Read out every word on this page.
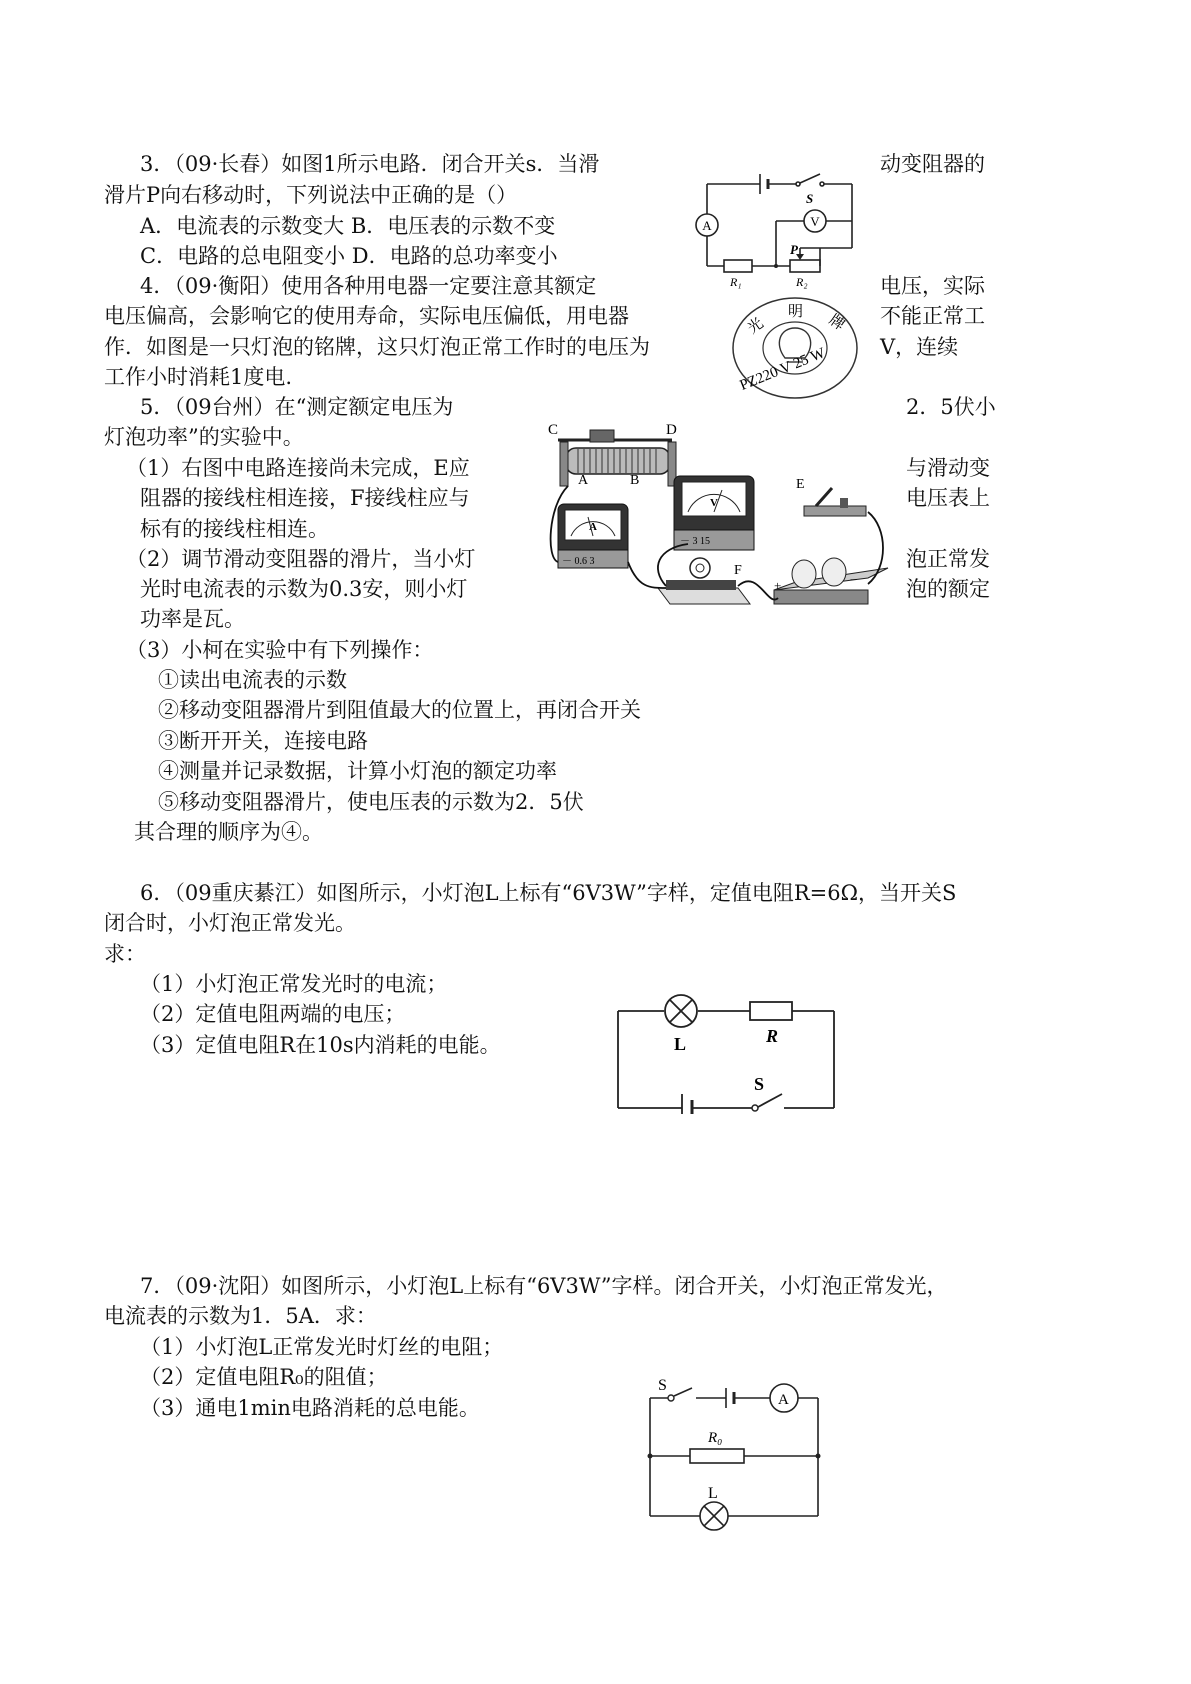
3．（09·长春）如图1所示电路．闭合开关s．当滑	动变阻器的
滑片P向右移动时，下列说法中正确的是（）
A．电流表的示数变大 B．电压表的示数不变
C．电路的总电阻变小 D．电路的总功率变小
A	V
S
P
R₁	R₂
4．（09·衡阳）使用各种用电器一定要注意其额定	电压，实际
电压偏高，会影响它的使用寿命，实际电压偏低，用电器	不能正常工
作．如图是一只灯泡的铭牌，这只灯泡正常工作时的电压为	V，连续
工作小时消耗1度电.
光
明
牌
PZ220 V 25 W
5．（09台州）在“测定额定电压为	2．5伏小
灯泡功率”的实验中。
（1）右图中电路连接尚未完成，E应	与滑动变
阻器的接线柱相连接，F接线柱应与	电压表上
标有的接线柱相连。
（2）调节滑动变阻器的滑片，当小灯	泡正常发
光时电流表的示数为0.3安，则小灯	泡的额定
功率是瓦。
（3）小柯在实验中有下列操作：
①读出电流表的示数
②移动变阻器滑片到阻值最大的位置上，再闭合开关
③断开开关，连接电路
④测量并记录数据，计算小灯泡的额定功率
⑤移动变阻器滑片，使电压表的示数为2．5伏
其合理的顺序为④。
C	D
A	B
A
－ 0.6 3
V
－ 3 15
E
F
+	−
6．（09重庆綦江）如图所示，小灯泡L上标有“6V3W”字样，定值电阻R=6Ω，当开关S
闭合时，小灯泡正常发光。
求：
（1）小灯泡正常发光时的电流；
（2）定值电阻两端的电压；
（3）定值电阻R在10s内消耗的电能。	L	R
S
7．（09·沈阳）如图所示，小灯泡L上标有“6V3W”字样。闭合开关，小灯泡正常发光，
电流表的示数为1．5A．求：
（1）小灯泡L正常发光时灯丝的电阻；
（2）定值电阻R₀的阻值；
（3）通电1min电路消耗的总电能。
S
A
R₀
L
